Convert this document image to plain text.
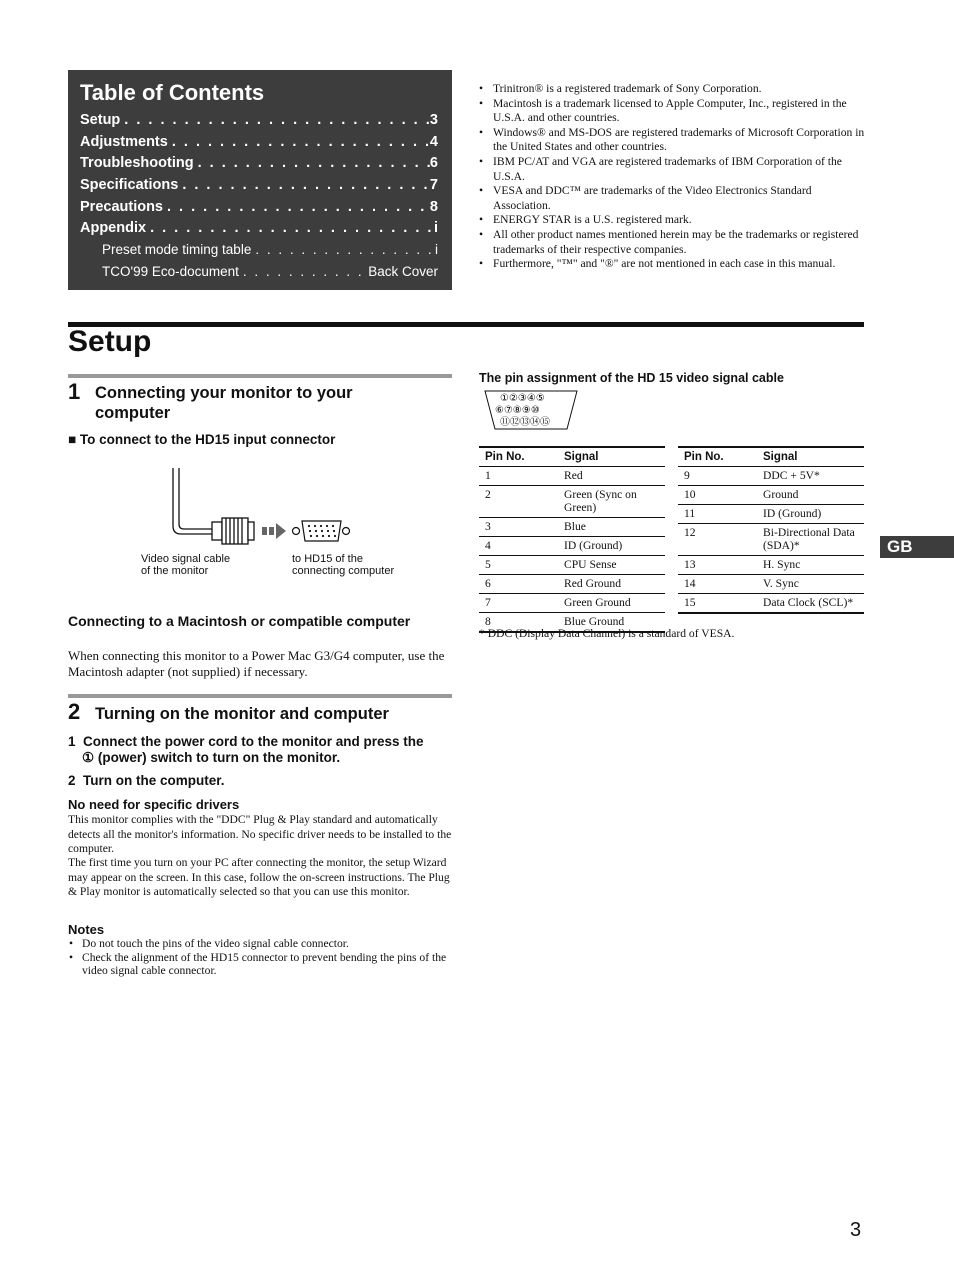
Table of Contents
Setup . . .	3
Adjustments . . .	4
Troubleshooting . . .	6
Specifications . . .	7
Precautions . . .	8
Appendix . . .	i
Preset mode timing table . . .	i
TCO'99 Eco-document . . .	Back Cover
• Trinitron® is a registered trademark of Sony Corporation.
• Macintosh is a trademark licensed to Apple Computer, Inc., registered in the U.S.A. and other countries.
• Windows® and MS-DOS are registered trademarks of Microsoft Corporation in the United States and other countries.
• IBM PC/AT and VGA are registered trademarks of IBM Corporation of the U.S.A.
• VESA and DDC™ are trademarks of the Video Electronics Standard Association.
• ENERGY STAR is a U.S. registered mark.
• All other product names mentioned herein may be the trademarks or registered trademarks of their respective companies.
• Furthermore, "™" and "®" are not mentioned in each case in this manual.
Setup
1 Connecting your monitor to your computer
■ To connect to the HD15 input connector
Video signal cable
of the monitor
to HD15 of the
connecting computer
Connecting to a Macintosh or compatible computer
When connecting this monitor to a Power Mac G3/G4 computer, use the Macintosh adapter (not supplied) if necessary.
2 Turning on the monitor and computer
1 Connect the power cord to the monitor and press the
① (power) switch to turn on the monitor.
2 Turn on the computer.
No need for specific drivers
This monitor complies with the "DDC" Plug & Play standard and automatically detects all the monitor's information. No specific driver needs to be installed to the computer.
The first time you turn on your PC after connecting the monitor, the setup Wizard may appear on the screen. In this case, follow the on-screen instructions. The Plug & Play monitor is automatically selected so that you can use this monitor.
Notes
• Do not touch the pins of the video signal cable connector.
• Check the alignment of the HD15 connector to prevent bending the pins of the video signal cable connector.
The pin assignment of the HD 15 video signal cable
①②③④⑤
⑥⑦⑧⑨⑩
⑪⑫⑬⑭⑮
Pin No.	Signal
1	Red
2	Green (Sync on Green)
3	Blue
4	ID (Ground)
5	CPU Sense
6	Red Ground
7	Green Ground
8	Blue Ground
Pin No.	Signal
9	DDC + 5V*
10	Ground
11	ID (Ground)
12	Bi-Directional Data (SDA)*
13	H. Sync
14	V. Sync
15	Data Clock (SCL)*
* DDC (Display Data Channel) is a standard of VESA.
GB
3
